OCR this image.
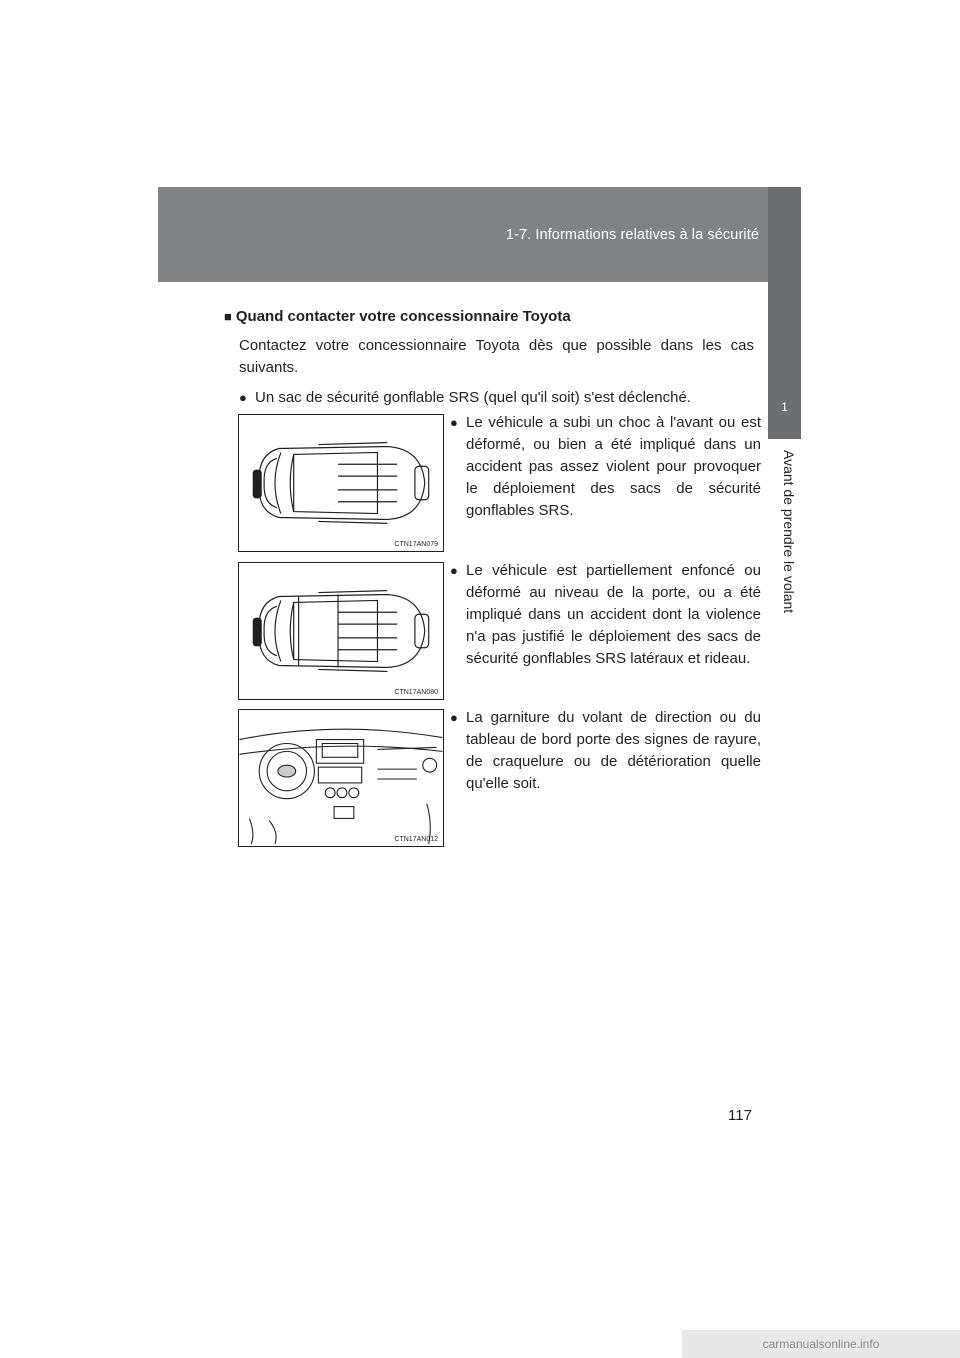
1-7. Informations relatives à la sécurité
1
Avant de prendre le volant
■ Quand contacter votre concessionnaire Toyota

Contactez votre concessionnaire Toyota dès que possible dans les cas suivants.

● Un sac de sécurité gonflable SRS (quel qu'il soit) s'est déclenché.
CTN17AN079
● Le véhicule a subi un choc à l'avant ou est déformé, ou bien a été impliqué dans un accident pas assez violent pour provoquer le déploiement des sacs de sécurité gonflables SRS.
CTN17AN080
● Le véhicule est partiellement enfoncé ou déformé au niveau de la porte, ou a été impliqué dans un accident dont la violence n'a pas justifié le déploiement des sacs de sécurité gonflables SRS latéraux et rideau.
CTN17AN012
● La garniture du volant de direction ou du tableau de bord porte des signes de rayure, de craquelure ou de détérioration quelle qu'elle soit.
117
carmanualsonline.info
